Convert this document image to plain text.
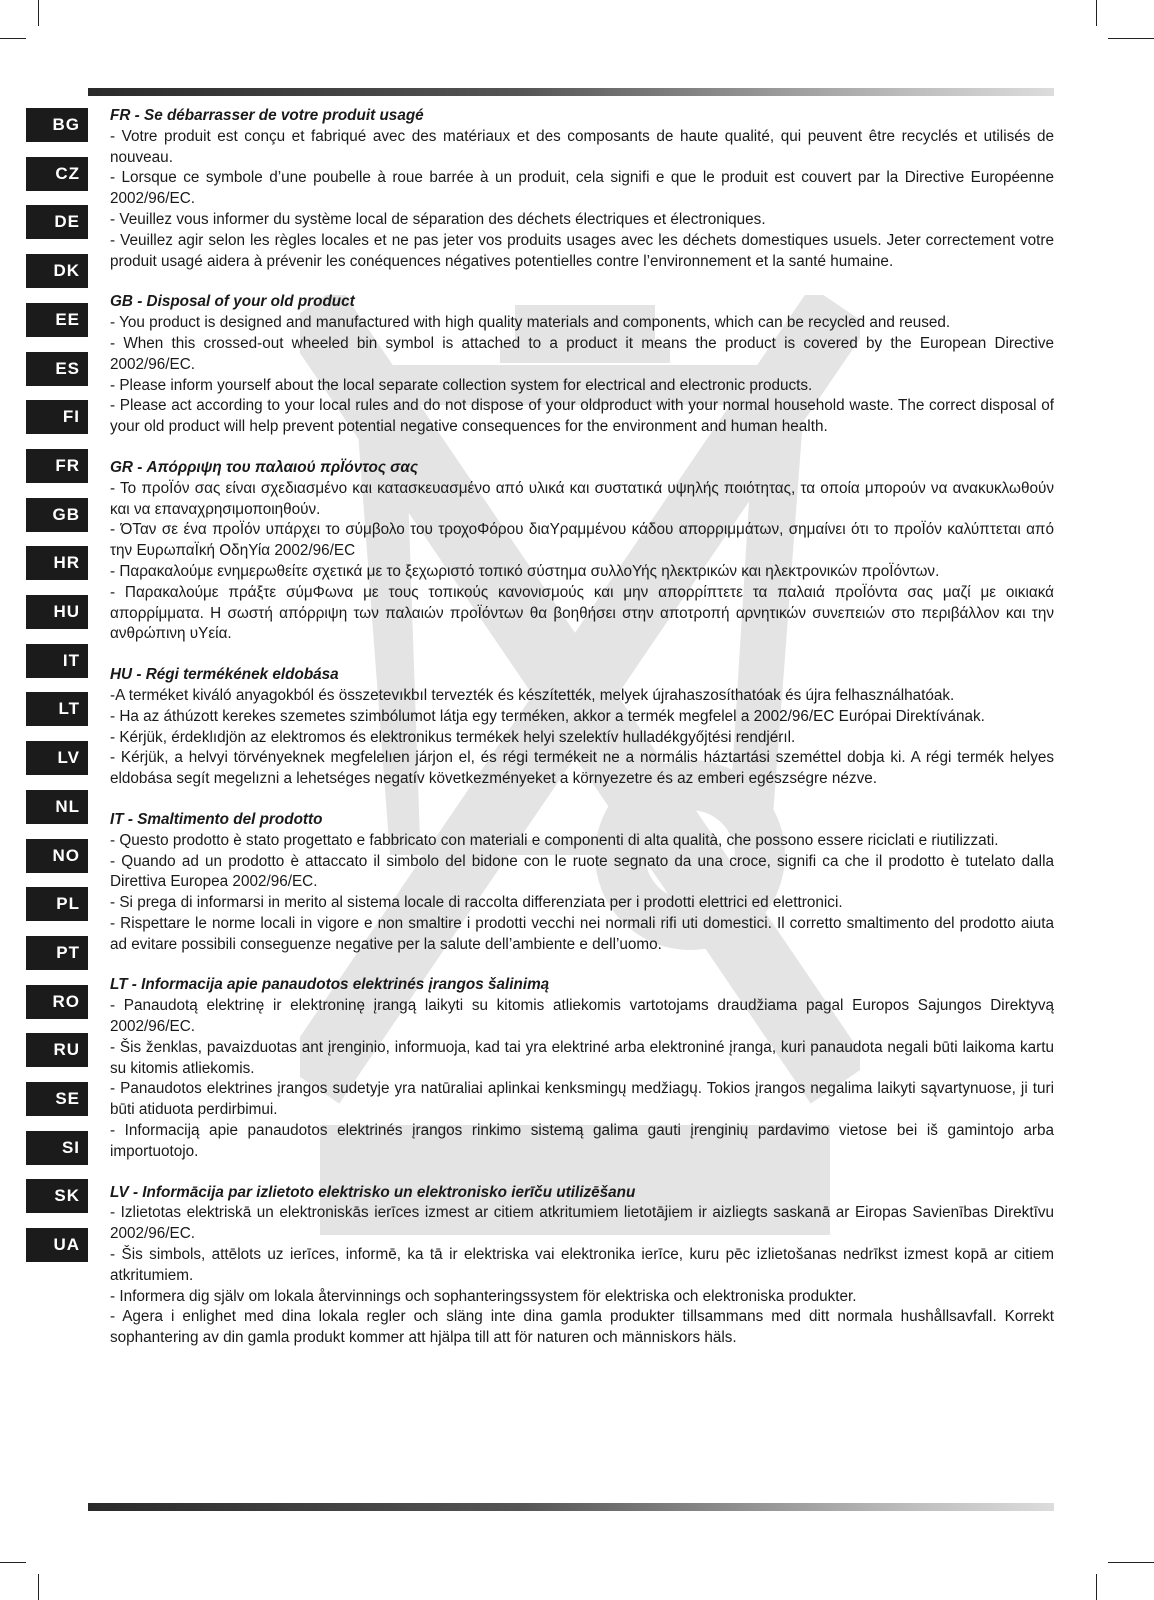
BG
CZ
DE
DK
EE
ES
FI
FR
GB
HR
HU
IT
LT
LV
NL
NO
PL
PT
RO
RU
SE
SI
SK
UA
FR - Se débarrasser de votre produit usagé
- Votre produit est conçu et fabriqué avec des matériaux et des composants de haute qualité, qui peuvent être recyclés et utilisés de nouveau.
- Lorsque ce symbole d’une poubelle à roue barrée à un produit, cela signifi e que le produit est couvert par la Directive Européenne 2002/96/EC.
- Veuillez vous informer du système local de séparation des déchets électriques et électroniques.
- Veuillez agir selon les règles locales et ne pas jeter vos produits usages avec les déchets domestiques usuels. Jeter correctement votre produit usagé aidera à prévenir les conéquences négatives potentielles contre l’environnement et la santé humaine.
GB - Disposal of your old product
- You product is designed and manufactured with high quality materials and components, which can be recycled and reused.
- When this crossed-out wheeled bin symbol is attached to a product it means the product is covered by the European Directive 2002/96/EC.
- Please inform yourself about the local separate collection system for electrical and electronic products.
- Please act according to your local rules and do not dispose of your oldproduct with your normal household waste. The correct disposal of your old product will help prevent potential negative consequences for the environment and human health.
GR - Απόρριψη του παλαιού πρΪόντος σας
- Το προΪόν σας είναι σχεδιασμένο και κατασκευασμένο από υλικά και συστατικά υψηλής ποιότητας, τα οποία μπορούν να ανακυκλωθούν και να επαναχρησιμοποιηθούν.
- ΌΤαν σε ένα προΪόν υπάρχει το σύμβολο του τροχοΦόρου διαΥραμμένου κάδου απορριμμάτων, σημαίνει ότι το προΪόν καλύπτεται από την ΕυρωπαΪκή ΟδηΥία 2002/96/EC
- Παρακαλούμε ενημερωθείτε σχετικά με το ξεχωριστό τοπικό σύστημα συλλοΥής ηλεκτρικών και ηλεκτρονικών προΪόντων.
- Παρακαλούμε πράξτε σύμΦωνα με τους τοπικούς κανονισμούς και μην απορρίπτετε τα παλαιά προΪόντα σας μαζί με οικιακά απορρίμματα. Η σωστή απόρριψη των παλαιών προΪόντων θα βοηθήσει στην αποτροπή αρνητικών συνεπειών στο περιβάλλον και την ανθρώπινη υΥεία.
HU - Régi termékének eldobása
-A terméket kiváló anyagokból és összetevıkbıl tervezték és készítették, melyek újrahaszosíthatóak és újra felhasználhatóak.
- Ha az áthúzott kerekes szemetes szimbólumot látja egy terméken, akkor a termék megfelel a 2002/96/EC Európai Direktívának.
- Kérjük, érdeklıdjön az elektromos és elektronikus termékek helyi szelektív hulladékgyőjtési rendjérıl.
- Kérjük, a helvyi törvényeknek megfelelıen járjon el, és régi termékeit ne a normális háztartási szeméttel dobja ki. A régi termék helyes eldobása segít megelızni a lehetséges negatív következményeket a környezetre és az emberi egészségre nézve.
IT - Smaltimento del prodotto
- Questo prodotto è stato progettato e fabbricato con materiali e componenti di alta qualità, che possono essere riciclati e riutilizzati.
- Quando ad un prodotto è attaccato il simbolo del bidone con le ruote segnato da una croce, signifi ca che il prodotto è tutelato dalla Direttiva Europea 2002/96/EC.
- Si prega di informarsi in merito al sistema locale di raccolta differenziata per i prodotti elettrici ed elettronici.
- Rispettare le norme locali in vigore e non smaltire i prodotti vecchi nei normali rifi uti domestici. Il corretto smaltimento del prodotto aiuta ad evitare possibili conseguenze negative per la salute dell’ambiente e dell’uomo.
LT - Informacija apie panaudotos elektrinés įrangos šalinimą
- Panaudotą elektrinę ir elektroninę įrangą laikyti su kitomis atliekomis vartotojams draudžiama pagal Europos Sajungos Direktyvą 2002/96/EC.
- Šis ženklas, pavaizduotas ant įrenginio, informuoja, kad tai yra elektriné arba elektroniné įranga, kuri panaudota negali būti laikoma kartu su kitomis atliekomis.
- Panaudotos elektrines įrangos sudetyje yra natūraliai aplinkai kenksmingų medžiagų. Tokios įrangos negalima laikyti sąvartynuose, ji turi būti atiduota perdirbimui.
- Informaciją apie panaudotos elektrinés įrangos rinkimo sistemą galima gauti įrenginių pardavimo vietose bei iš gamintojo arba importuotojo.
LV - Informācija par izlietoto elektrisko un elektronisko ierīču utilizēšanu
- Izlietotas elektriskā un elektroniskās ierīces izmest ar citiem atkritumiem lietotājiem ir aizliegts saskanā ar Eiropas Savienības Direktīvu 2002/96/EC.
- Šis simbols, attēlots uz ierīces, informē, ka tā ir elektriska vai elektronika ierīce, kuru pēc izlietošanas nedrīkst izmest kopā ar citiem atkritumiem.
- Informera dig själv om lokala återvinnings och sophanteringssystem för elektriska och elektroniska produkter.
- Agera i enlighet med dina lokala regler och släng inte dina gamla produkter tillsammans med ditt normala hushållsavfall. Korrekt sophantering av din gamla produkt kommer att hjälpa till att för naturen och människors häls.
